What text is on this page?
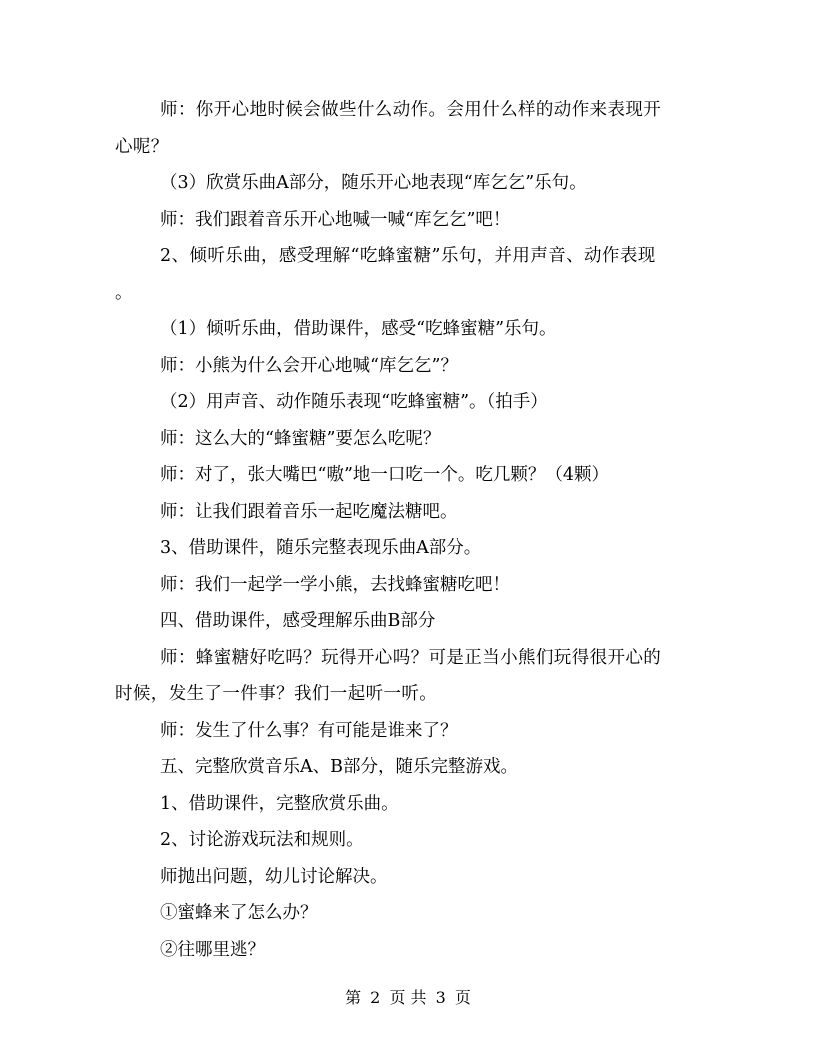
师：你开心地时候会做些什么动作。会用什么样的动作来表现开
心呢？

（3）欣赏乐曲A部分，随乐开心地表现“库乞乞”乐句。

师：我们跟着音乐开心地喊一喊“库乞乞”吧！

2、倾听乐曲，感受理解“吃蜂蜜糖”乐句，并用声音、动作表现
。

（1）倾听乐曲，借助课件，感受“吃蜂蜜糖”乐句。

师：小熊为什么会开心地喊“库乞乞”？

（2）用声音、动作随乐表现“吃蜂蜜糖”。（拍手）

师：这么大的“蜂蜜糖”要怎么吃呢？

师：对了，张大嘴巴“嗷”地一口吃一个。吃几颗？（4颗）

师：让我们跟着音乐一起吃魔法糖吧。

3、借助课件，随乐完整表现乐曲A部分。

师：我们一起学一学小熊，去找蜂蜜糖吃吧！

四、借助课件，感受理解乐曲B部分

师：蜂蜜糖好吃吗？玩得开心吗？可是正当小熊们玩得很开心的
时候，发生了一件事？我们一起听一听。

师：发生了什么事？有可能是谁来了？

五、完整欣赏音乐A、B部分，随乐完整游戏。

1、借助课件，完整欣赏乐曲。

2、讨论游戏玩法和规则。

师抛出问题，幼儿讨论解决。

①蜜蜂来了怎么办？

②往哪里逃？

第 2 页 共 3 页
